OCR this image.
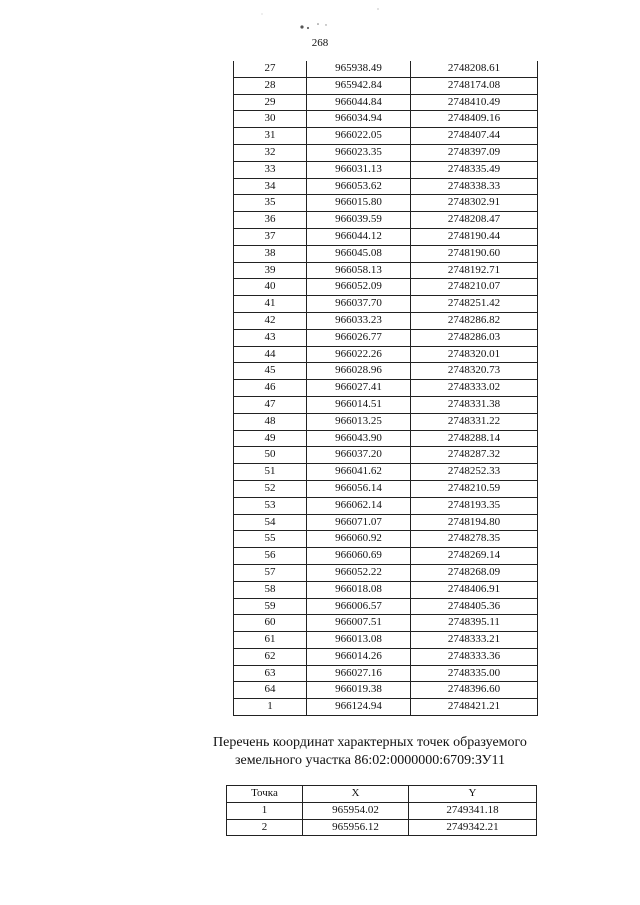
268
27	965938.49	2748208.61
28	965942.84	2748174.08
29	966044.84	2748410.49
30	966034.94	2748409.16
31	966022.05	2748407.44
32	966023.35	2748397.09
33	966031.13	2748335.49
34	966053.62	2748338.33
35	966015.80	2748302.91
36	966039.59	2748208.47
37	966044.12	2748190.44
38	966045.08	2748190.60
39	966058.13	2748192.71
40	966052.09	2748210.07
41	966037.70	2748251.42
42	966033.23	2748286.82
43	966026.77	2748286.03
44	966022.26	2748320.01
45	966028.96	2748320.73
46	966027.41	2748333.02
47	966014.51	2748331.38
48	966013.25	2748331.22
49	966043.90	2748288.14
50	966037.20	2748287.32
51	966041.62	2748252.33
52	966056.14	2748210.59
53	966062.14	2748193.35
54	966071.07	2748194.80
55	966060.92	2748278.35
56	966060.69	2748269.14
57	966052.22	2748268.09
58	966018.08	2748406.91
59	966006.57	2748405.36
60	966007.51	2748395.11
61	966013.08	2748333.21
62	966014.26	2748333.36
63	966027.16	2748335.00
64	966019.38	2748396.60
1	966124.94	2748421.21
Перечень координат характерных точек образуемого
земельного участка 86:02:0000000:6709:ЗУ11
Точка	X	Y
1	965954.02	2749341.18
2	965956.12	2749342.21
